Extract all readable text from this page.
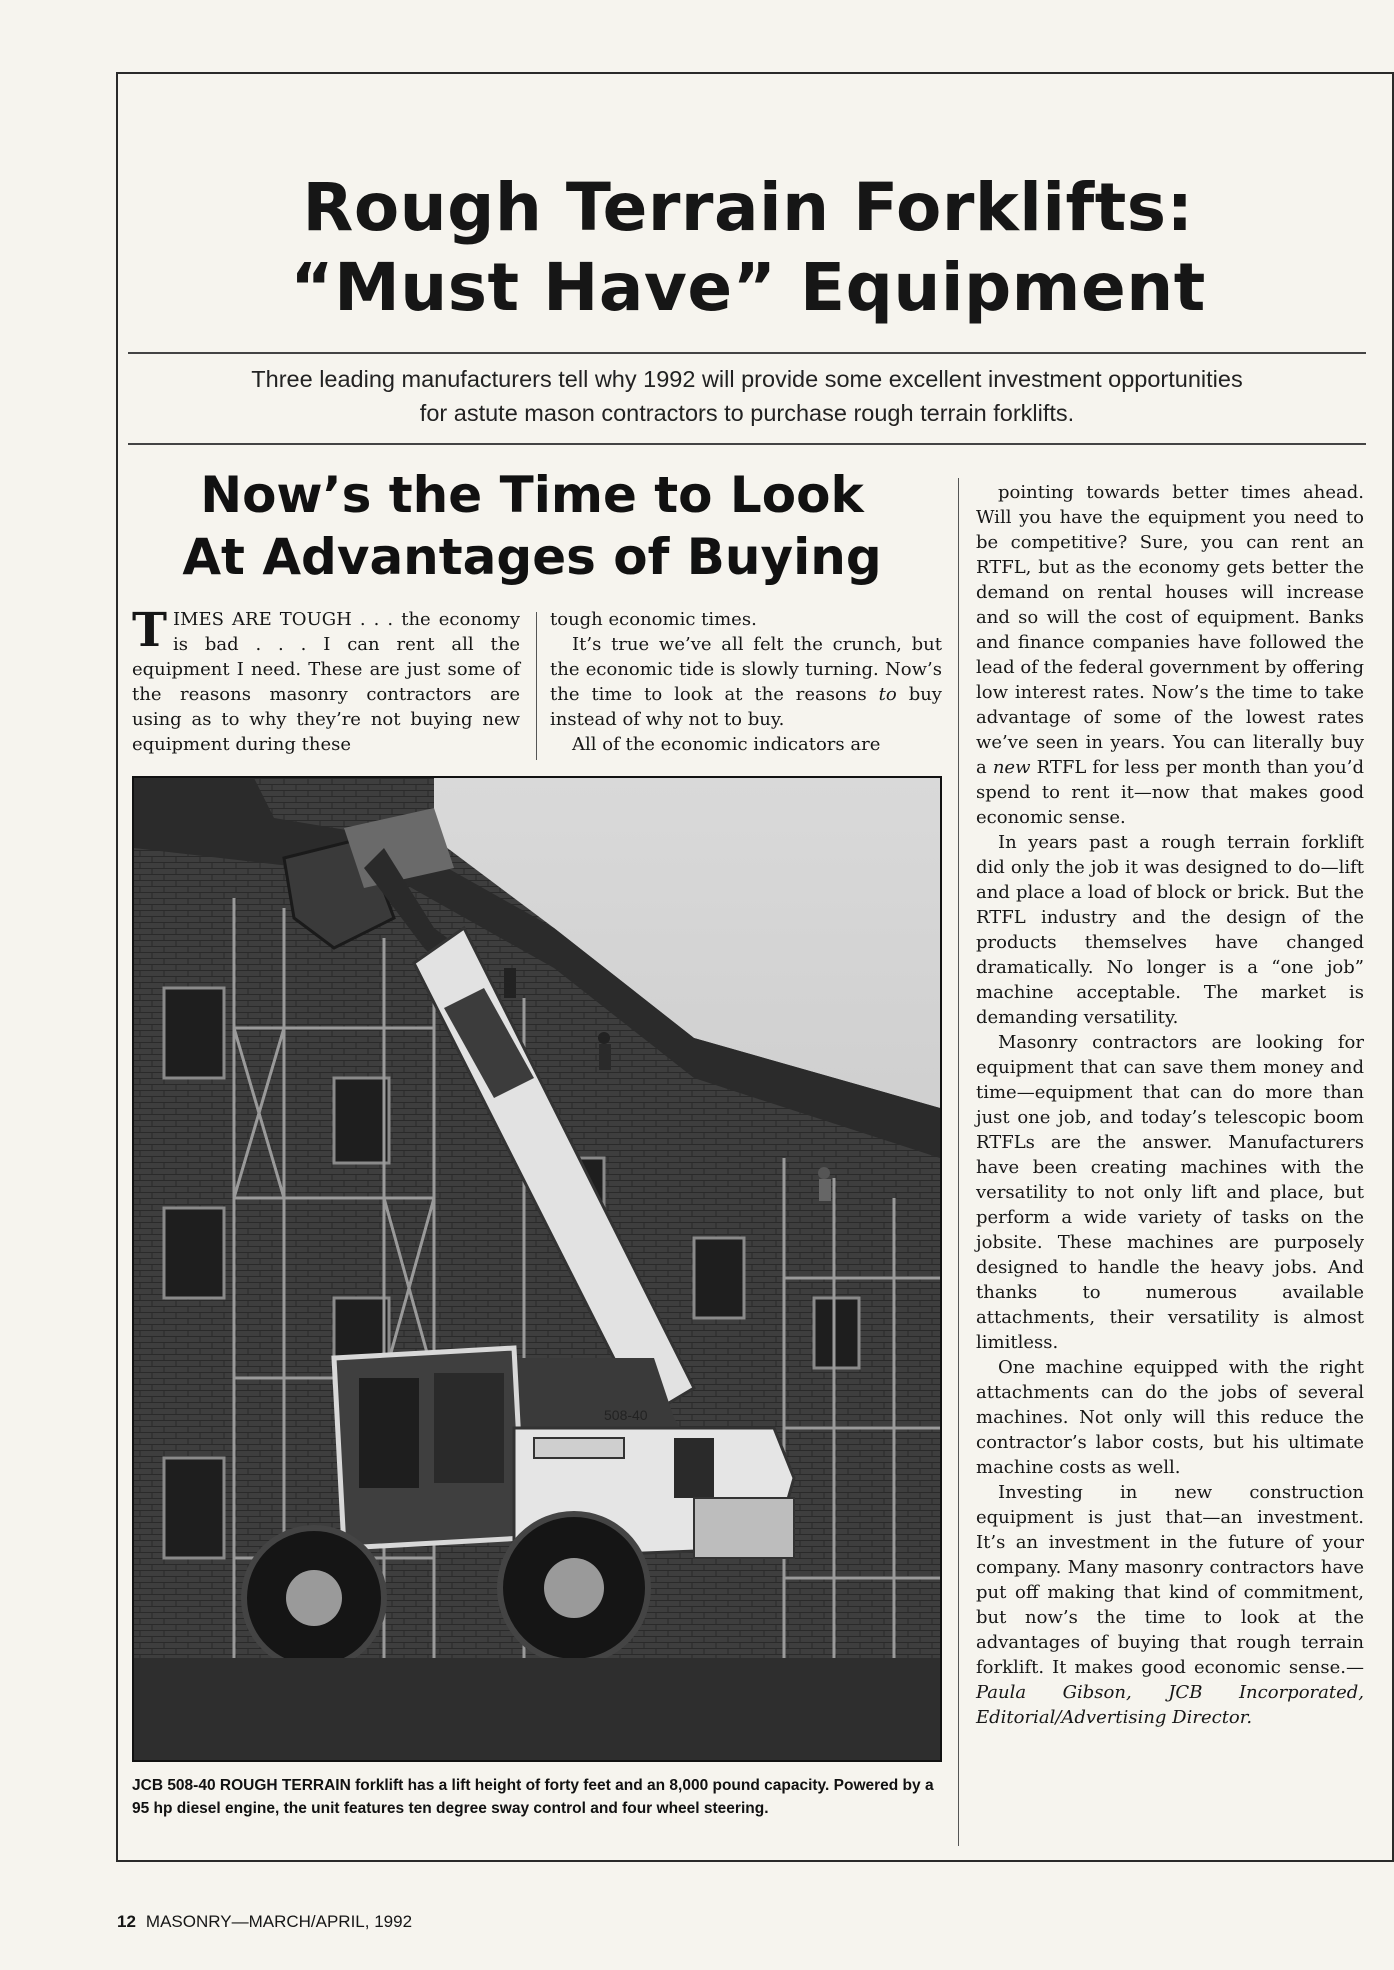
Rough Terrain Forklifts:
“Must Have” Equipment

Three leading manufacturers tell why 1992 will provide some excellent investment opportunities
for astute mason contractors to purchase rough terrain forklifts.

Now’s the Time to Look
At Advantages of Buying

TIMES ARE TOUGH . . . the economy is bad . . . I can rent all the equipment I need. These are just some of the reasons masonry contractors are using as to why they’re not buying new equipment during these

tough economic times.

It’s true we’ve all felt the crunch, but the economic tide is slowly turning. Now’s the time to look at the reasons to buy instead of why not to buy.

All of the economic indicators are

pointing towards better times ahead. Will you have the equipment you need to be competitive? Sure, you can rent an RTFL, but as the economy gets better the demand on rental houses will increase and so will the cost of equipment. Banks and finance companies have followed the lead of the federal government by offering low interest rates. Now’s the time to take advantage of some of the lowest rates we’ve seen in years. You can literally buy a new RTFL for less per month than you’d spend to rent it—now that makes good economic sense.

In years past a rough terrain forklift did only the job it was designed to do—lift and place a load of block or brick. But the RTFL industry and the design of the products themselves have changed dramatically. No longer is a “one job” machine acceptable. The market is demanding versatility.

Masonry contractors are looking for equipment that can save them money and time—equipment that can do more than just one job, and today’s telescopic boom RTFLs are the answer. Manufacturers have been creating machines with the versatility to not only lift and place, but perform a wide variety of tasks on the jobsite. These machines are purposely designed to handle the heavy jobs. And thanks to numerous available attachments, their versatility is almost limitless.

One machine equipped with the right attachments can do the jobs of several machines. Not only will this reduce the contractor’s labor costs, but his ultimate machine costs as well.

Investing in new construction equipment is just that—an investment. It’s an investment in the future of your company. Many masonry contractors have put off making that kind of commitment, but now’s the time to look at the advantages of buying that rough terrain forklift. It makes good economic sense.—Paula Gibson, JCB Incorporated, Editorial/Advertising Director.

508-40

JCB 508-40 ROUGH TERRAIN forklift has a lift height of forty feet and an 8,000 pound capacity. Powered by a 95 hp diesel engine, the unit features ten degree sway control and four wheel steering.

12 MASONRY—MARCH/APRIL, 1992
